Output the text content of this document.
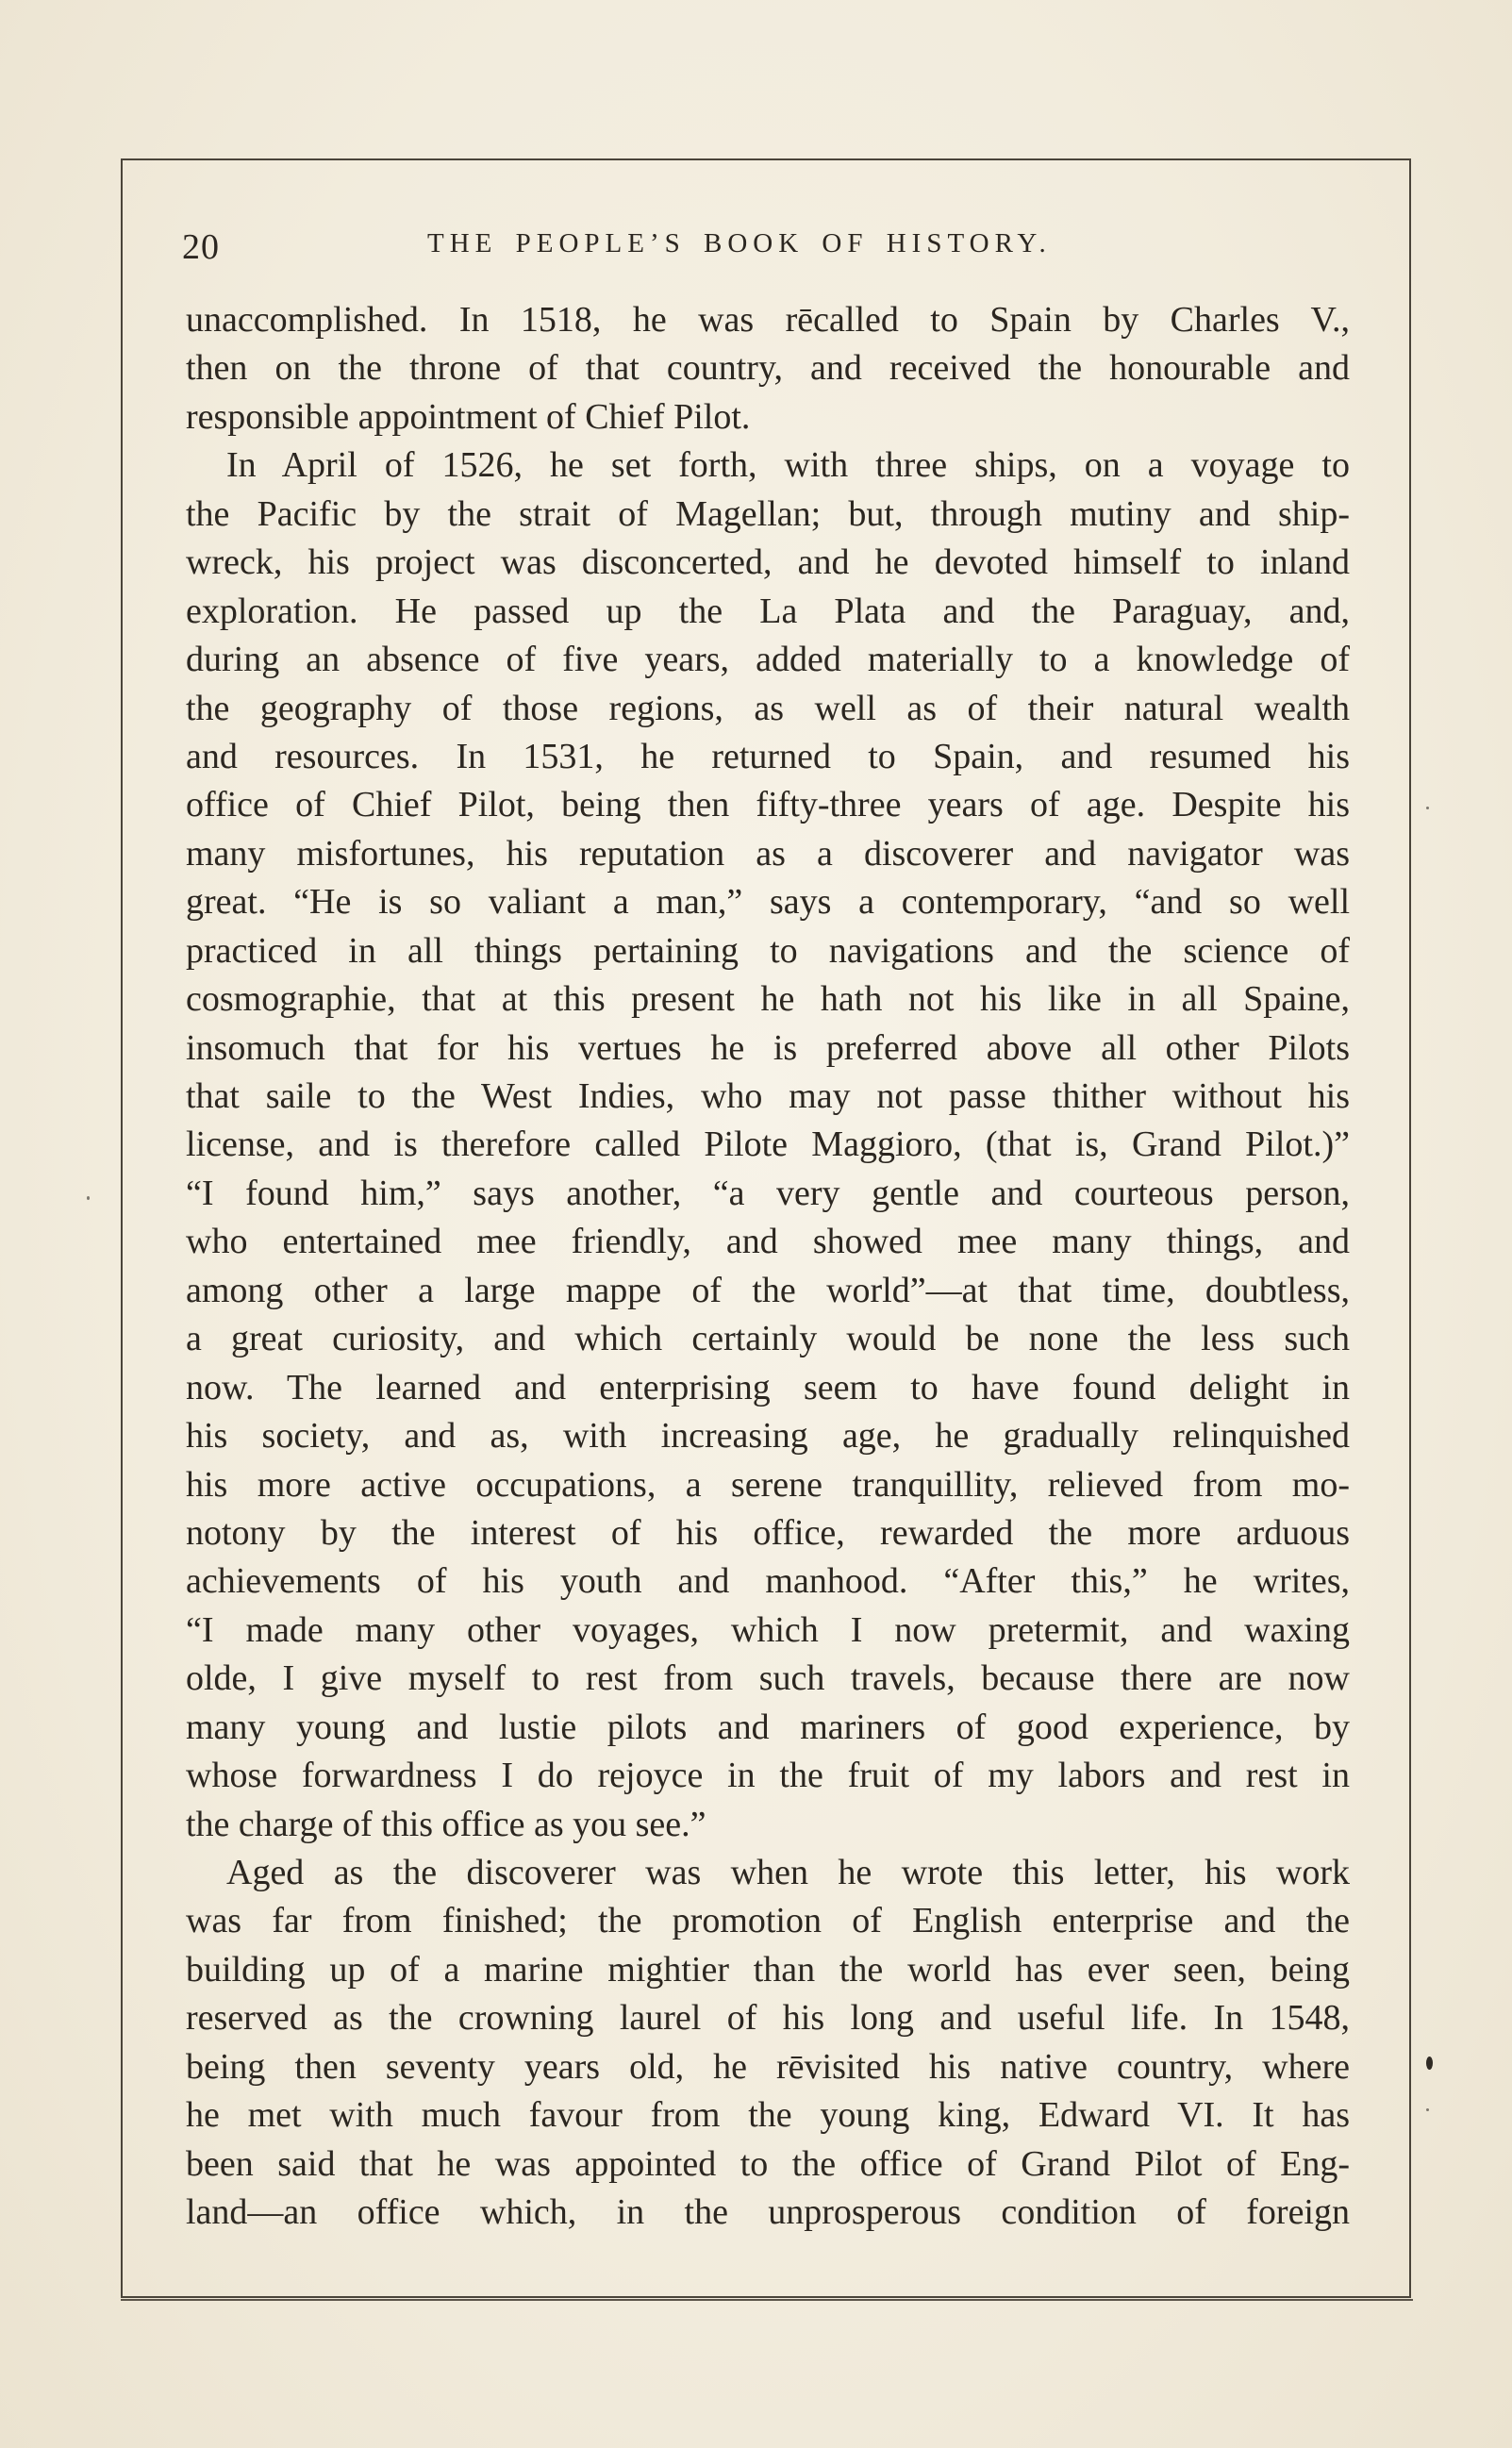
20	THE PEOPLE’S BOOK OF HISTORY.
unaccomplished. In 1518, he was rēcalled to Spain by Charles V.,
then on the throne of that country, and received the honourable and
responsible appointment of Chief Pilot.
In April of 1526, he set forth, with three ships, on a voyage to
the Pacific by the strait of Magellan; but, through mutiny and ship-
wreck, his project was disconcerted, and he devoted himself to inland
exploration. He passed up the La Plata and the Paraguay, and,
during an absence of five years, added materially to a knowledge of
the geography of those regions, as well as of their natural wealth
and resources. In 1531, he returned to Spain, and resumed his
office of Chief Pilot, being then fifty-three years of age. Despite his
many misfortunes, his reputation as a discoverer and navigator was
great. “He is so valiant a man,” says a contemporary, “and so well
practiced in all things pertaining to navigations and the science of
cosmographie, that at this present he hath not his like in all Spaine,
insomuch that for his vertues he is preferred above all other Pilots
that saile to the West Indies, who may not passe thither without his
license, and is therefore called Pilote Maggioro, (that is, Grand Pilot.)”
“I found him,” says another, “a very gentle and courteous person,
who entertained mee friendly, and showed mee many things, and
among other a large mappe of the world”—at that time, doubtless,
a great curiosity, and which certainly would be none the less such
now. The learned and enterprising seem to have found delight in
his society, and as, with increasing age, he gradually relinquished
his more active occupations, a serene tranquillity, relieved from mo-
notony by the interest of his office, rewarded the more arduous
achievements of his youth and manhood. “After this,” he writes,
“I made many other voyages, which I now pretermit, and waxing
olde, I give myself to rest from such travels, because there are now
many young and lustie pilots and mariners of good experience, by
whose forwardness I do rejoyce in the fruit of my labors and rest in
the charge of this office as you see.”
Aged as the discoverer was when he wrote this letter, his work
was far from finished; the promotion of English enterprise and the
building up of a marine mightier than the world has ever seen, being
reserved as the crowning laurel of his long and useful life. In 1548,
being then seventy years old, he rēvisited his native country, where
he met with much favour from the young king, Edward VI. It has
been said that he was appointed to the office of Grand Pilot of Eng-
land—an office which, in the unprosperous condition of foreign
